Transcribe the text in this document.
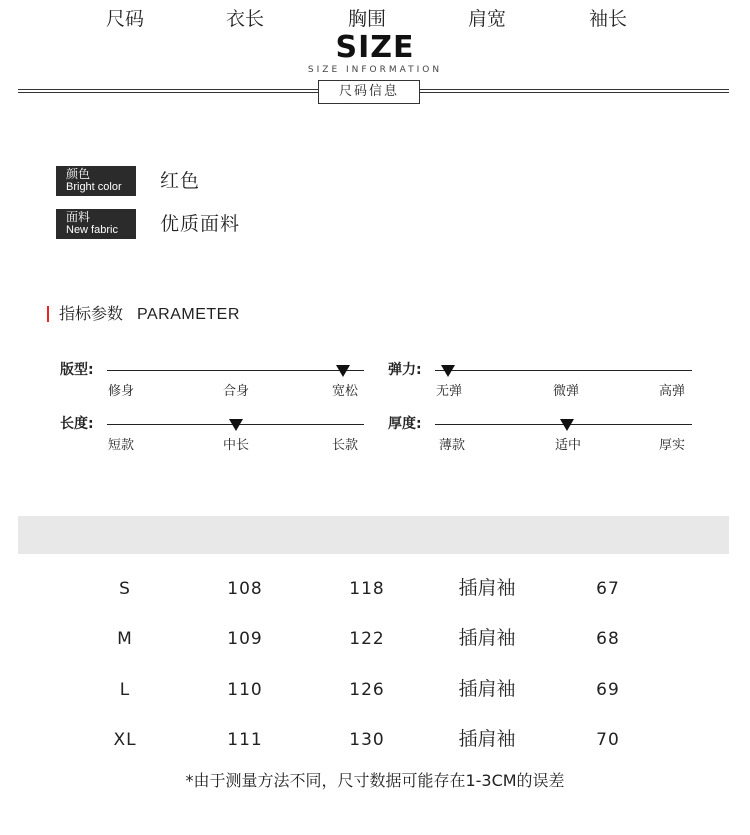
SIZE
SIZE INFORMATION
尺码信息
颜色
Bright color 红色
面料
New fabric 优质面料
指标参数 PARAMETER
版型:
修身	合身	宽松
弹力:
无弹	微弹	高弹
长度:
短款	中长	长款
厚度:
薄款	适中	厚实
尺码	衣长	胸围	肩宽	袖长
S	108	118	插肩袖	67
M	109	122	插肩袖	68
L	110	126	插肩袖	69
XL	111	130	插肩袖	70
*由于测量方法不同，尺寸数据可能存在1-3CM的误差
